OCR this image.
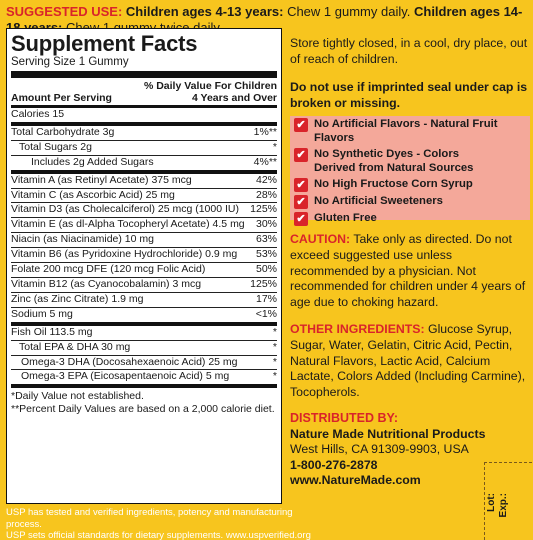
SUGGESTED USE: Children ages 4-13 years: Chew 1 gummy daily. Children ages 14-
Store tightly closed, in a cool, dry place, out of reach of children.
Do not use if imprinted seal under cap is broken or missing.
Supplement Facts
Serving Size 1 Gummy
Amount Per Serving
% Daily Value For Children
4 Years and Over
Calories 15
Total Carbohydrate 3g	1%**
Total Sugars 2g	*
Includes 2g Added Sugars	4%**
Vitamin A (as Retinyl Acetate) 375 mcg	42%
Vitamin C (as Ascorbic Acid) 25 mg	28%
Vitamin D3 (as Cholecalciferol) 25 mcg (1000 IU) 125%
Vitamin E (as dl-Alpha Tocopheryl Acetate) 4.5 mg 30%
Niacin (as Niacinamide) 10 mg	63%
Vitamin B6 (as Pyridoxine Hydrochloride) 0.9 mg 53%
Folate 200 mcg DFE (120 mcg Folic Acid)	50%
Vitamin B12 (as Cyanocobalamin) 3 mcg	125%
Zinc (as Zinc Citrate) 1.9 mg	17%
Sodium 5 mg	<1%
Fish Oil 113.5 mg	*
Total EPA & DHA 30 mg	*
Omega-3 DHA (Docosahexaenoic Acid) 25 mg	*
Omega-3 EPA (Eicosapentaenoic Acid) 5 mg	*
*Daily Value not established.
**Percent Daily Values are based on a 2,000 calorie diet.
USP has tested and verified ingredients, potency and manufacturing process.
USP sets official standards for dietary supplements. www.uspverified.org
✔ No Artificial Flavors - Natural Fruit Flavors
✔ No Synthetic Dyes - Colors Derived from Natural Sources
✔ No High Fructose Corn Syrup
✔ No Artificial Sweeteners
✔ Gluten Free
CAUTION: Take only as directed. Do not exceed suggested use unless recommended by a physician. Not recommended for children under 4 years of age due to choking hazard.
OTHER INGREDIENTS: Glucose Syrup, Sugar, Water, Gelatin, Citric Acid, Pectin, Natural Flavors, Lactic Acid, Calcium Lactate, Colors Added (Including Carmine), Tocopherols.
DISTRIBUTED BY:
Nature Made Nutritional Products
West Hills, CA 91309-9903, USA
1-800-276-2878
www.NatureMade.com
Lot: Exp.:
